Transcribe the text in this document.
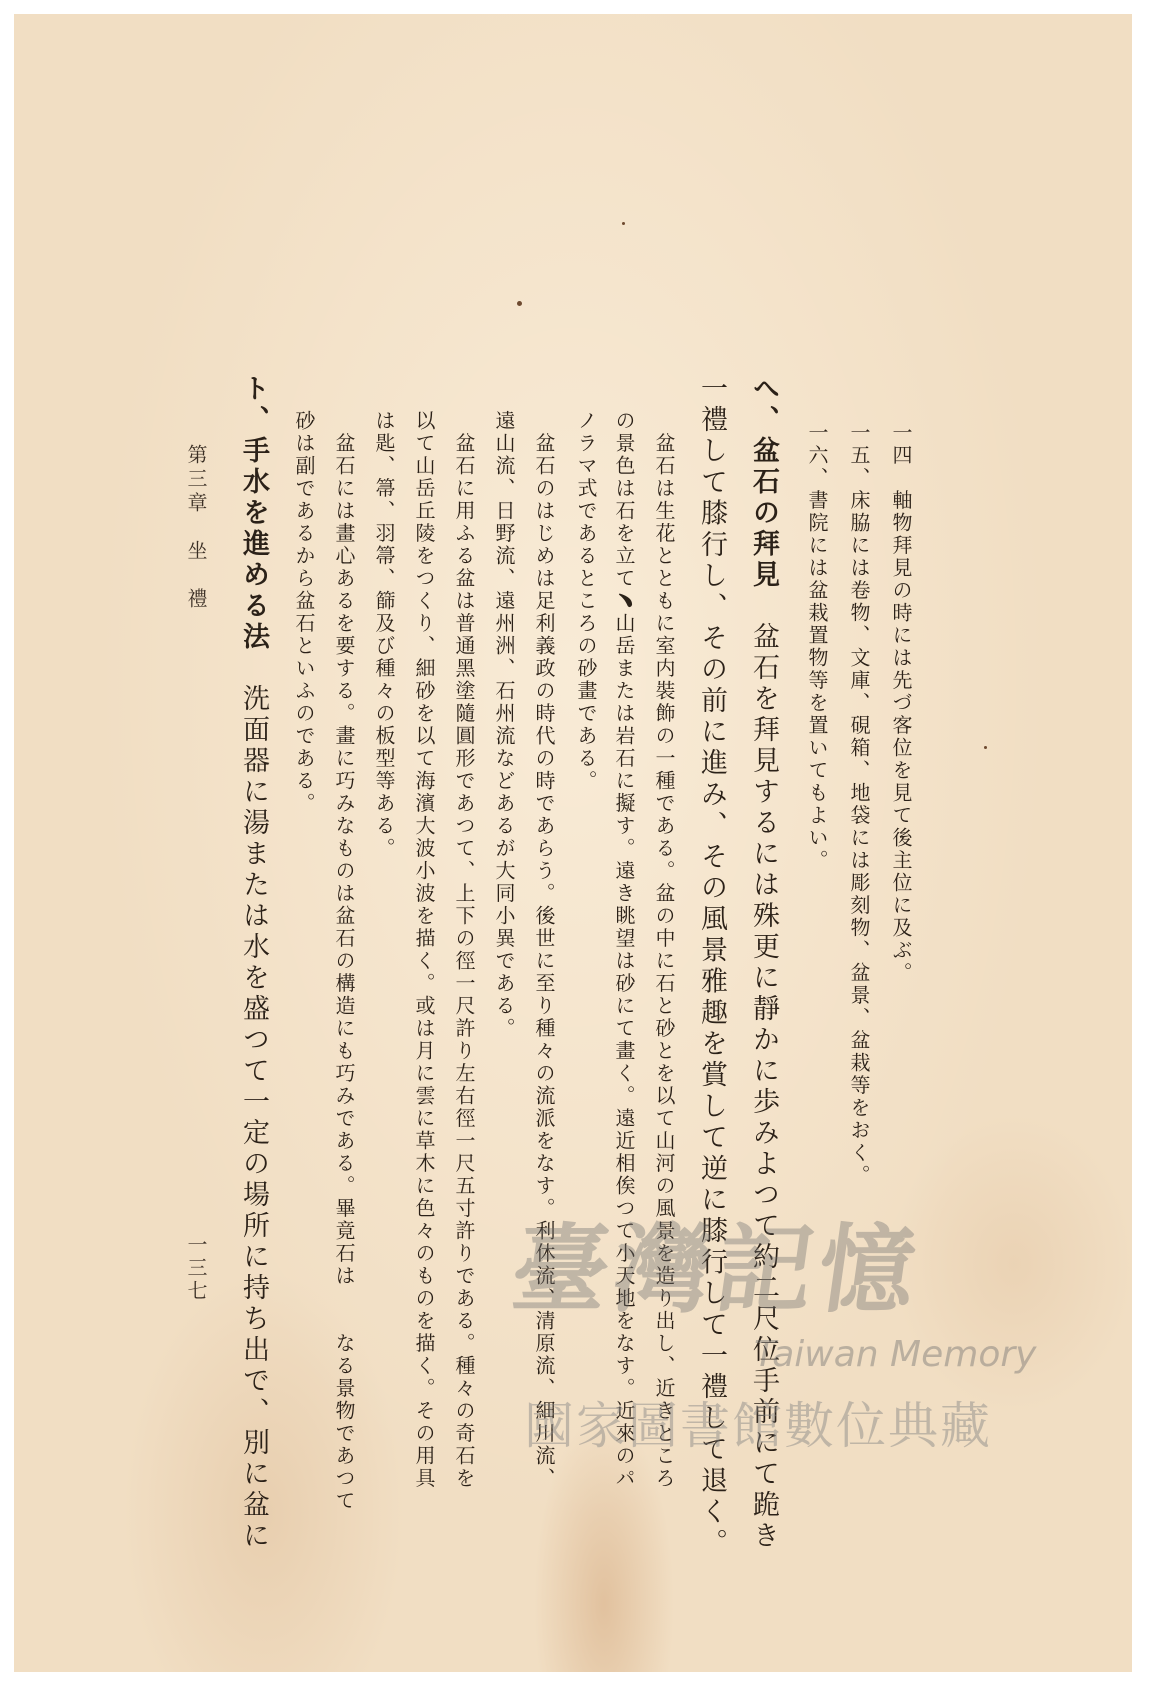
一四　軸物拜見の時には先づ客位を見て後主位に及ぶ。
一五、床脇には卷物、文庫、硯箱、地袋には彫刻物、盆景、盆栽等をおく。
一六、書院には盆栽置物等を置いてもよい。
へ、盆石の拜見　盆石を拜見するには殊更に靜かに歩みよつて約二尺位手前にて跪き
一禮して膝行し、その前に進み、その風景雅趣を賞して逆に膝行して一禮して退く。
　盆石は生花とともに室内裝飾の一種である。盆の中に石と砂とを以て山河の風景を造り出し、近きところ
の景色は石を立て﹅山岳または岩石に擬す。遠き眺望は砂にて畫く。遠近相俟つて小天地をなす。近來のパ
ノラマ式であるところの砂畫である。
　盆石のはじめは足利義政の時代の時であらう。後世に至り種々の流派をなす。利休流、清原流、細川流、
遠山流、日野流、遠州洲、石州流などあるが大同小異である。
　盆石に用ふる盆は普通黑塗隨圓形であつて、上下の徑一尺許り左右徑一尺五寸許りである。種々の奇石を
以て山岳丘陵をつくり、細砂を以て海濱大波小波を描く。或は月に雲に草木に色々のものを描く。その用具
は匙、箒、羽箒、篩及び種々の板型等ある。
　盆石には畫心あるを要する。畫に巧みなものは盆石の構造にも巧みである。畢竟石は　　なる景物であつて
砂は副であるから盆石といふのである。
ト、手水を進める法　洗面器に湯または水を盛つて一定の場所に持ち出で、別に盆に
第三章　坐　禮
一三七	臺灣記憶
Taiwan Memory
國家圖書館數位典藏
